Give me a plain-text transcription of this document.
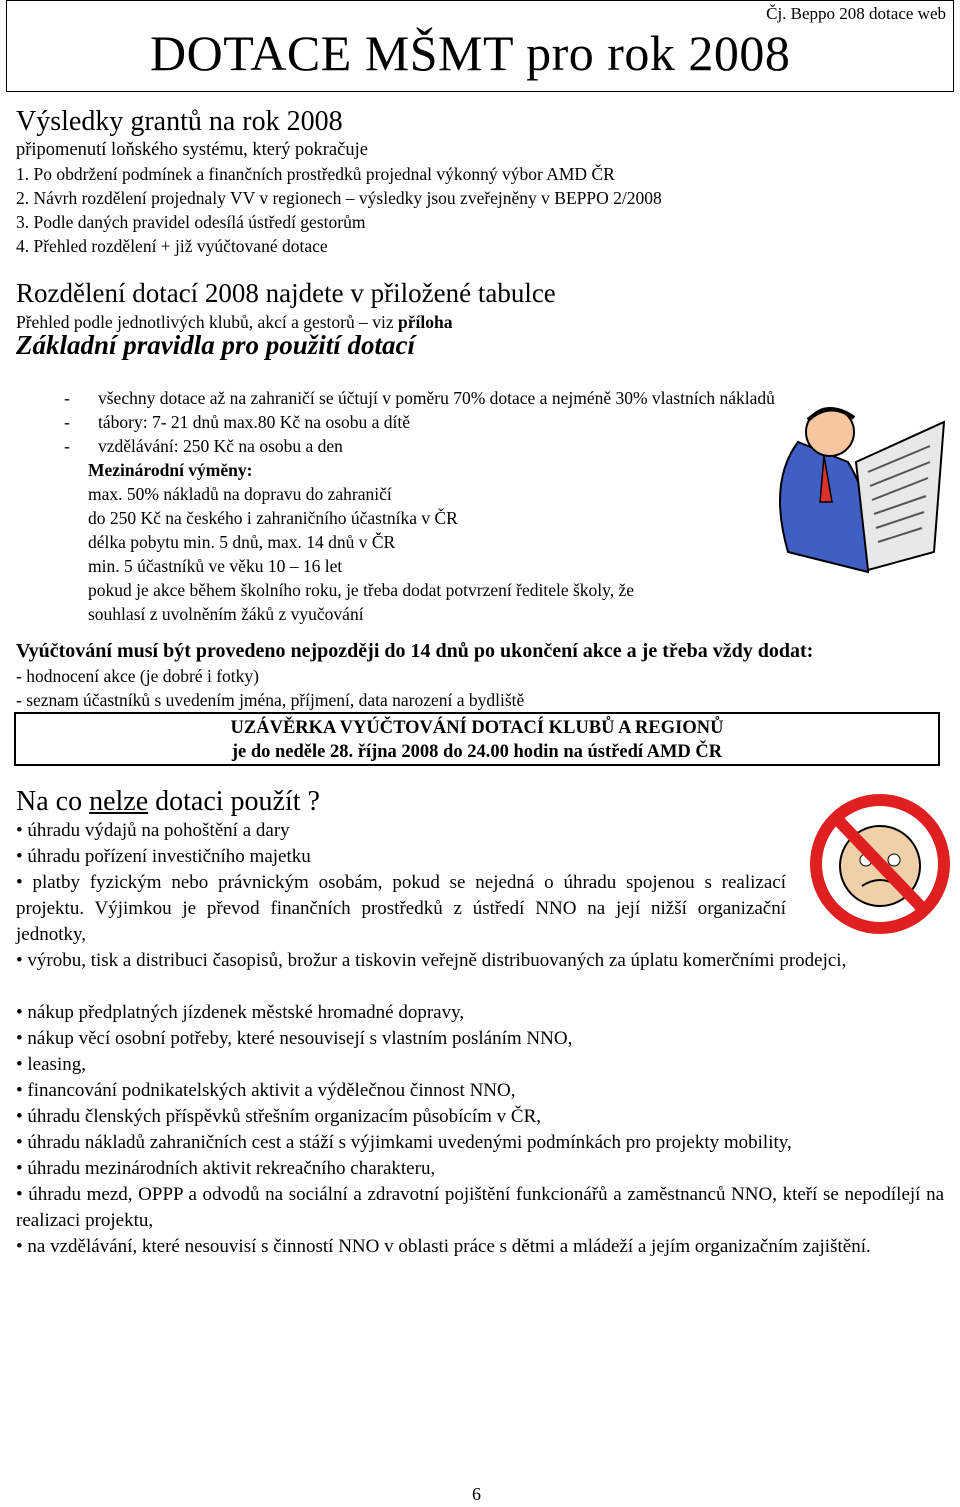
Čj. Beppo 208 dotace web
DOTACE MŠMT pro rok 2008
Výsledky grantů na rok 2008
připomenutí loňského systému, který pokračuje
1. Po obdržení podmínek a finančních prostředků projednal výkonný výbor AMD ČR
2. Návrh rozdělení projednaly VV v regionech – výsledky jsou zveřejněny v BEPPO 2/2008
3. Podle daných pravidel odesílá ústředí gestorům
4. Přehled rozdělení + již vyúčtované dotace
Rozdělení dotací 2008 najdete v přiložené tabulce
Přehled podle jednotlivých klubů, akcí a gestorů – viz příloha
Základní pravidla pro použití dotací
- všechny dotace až na zahraničí se účtují v poměru 70% dotace a nejméně 30% vlastních nákladů
- tábory: 7- 21 dnů max.80 Kč na osobu a dítě
- vzdělávání: 250 Kč na osobu a den
Mezinárodní výměny:
max. 50% nákladů na dopravu do zahraničí
do 250 Kč na českého i zahraničního účastníka v ČR
délka pobytu min. 5 dnů, max. 14 dnů v ČR
min. 5 účastníků ve věku 10 – 16 let
pokud je akce během školního roku, je třeba dodat potvrzení ředitele školy, že
souhlasí z uvolněním žáků z vyučování
Vyúčtování musí být provedeno nejpozději do 14 dnů po ukončení akce a je třeba vždy dodat:
- hodnocení akce (je dobré i fotky)
- seznam účastníků s uvedením jména, příjmení, data narození a bydliště
UZÁVĚRKA VYÚČTOVÁNÍ DOTACÍ KLUBŮ A REGIONŮ
je do neděle 28. října 2008 do 24.00 hodin na ústředí AMD ČR
Na co nelze dotaci použít ?
• úhradu výdajů na pohoštění a dary
• úhradu pořízení investičního majetku
• platby fyzickým nebo právnickým osobám, pokud se nejedná o úhradu spojenou s realizací projektu. Výjimkou je převod finančních prostředků z ústředí NNO na její nižší organizační jednotky,
• výrobu, tisk a distribuci časopisů, brožur a tiskovin veřejně distribuovaných za úplatu komerčními prodejci,
• nákup předplatných jízdenek městské hromadné dopravy,
• nákup věcí osobní potřeby, které nesouvisejí s vlastním posláním NNO,
• leasing,
• financování podnikatelských aktivit a výdělečnou činnost NNO,
• úhradu členských příspěvků střešním organizacím působícím v ČR,
• úhradu nákladů zahraničních cest a stáží s výjimkami uvedenými podmínkách pro projekty mobility,
• úhradu mezinárodních aktivit rekreačního charakteru,
• úhradu mezd, OPPP a odvodů na sociální a zdravotní pojištění funkcionářů a zaměstnanců NNO, kteří se nepodílejí na realizaci projektu,
• na vzdělávání, které nesouvisí s činností NNO v oblasti práce s dětmi a mládeží a jejím organizačním zajištění.
6
